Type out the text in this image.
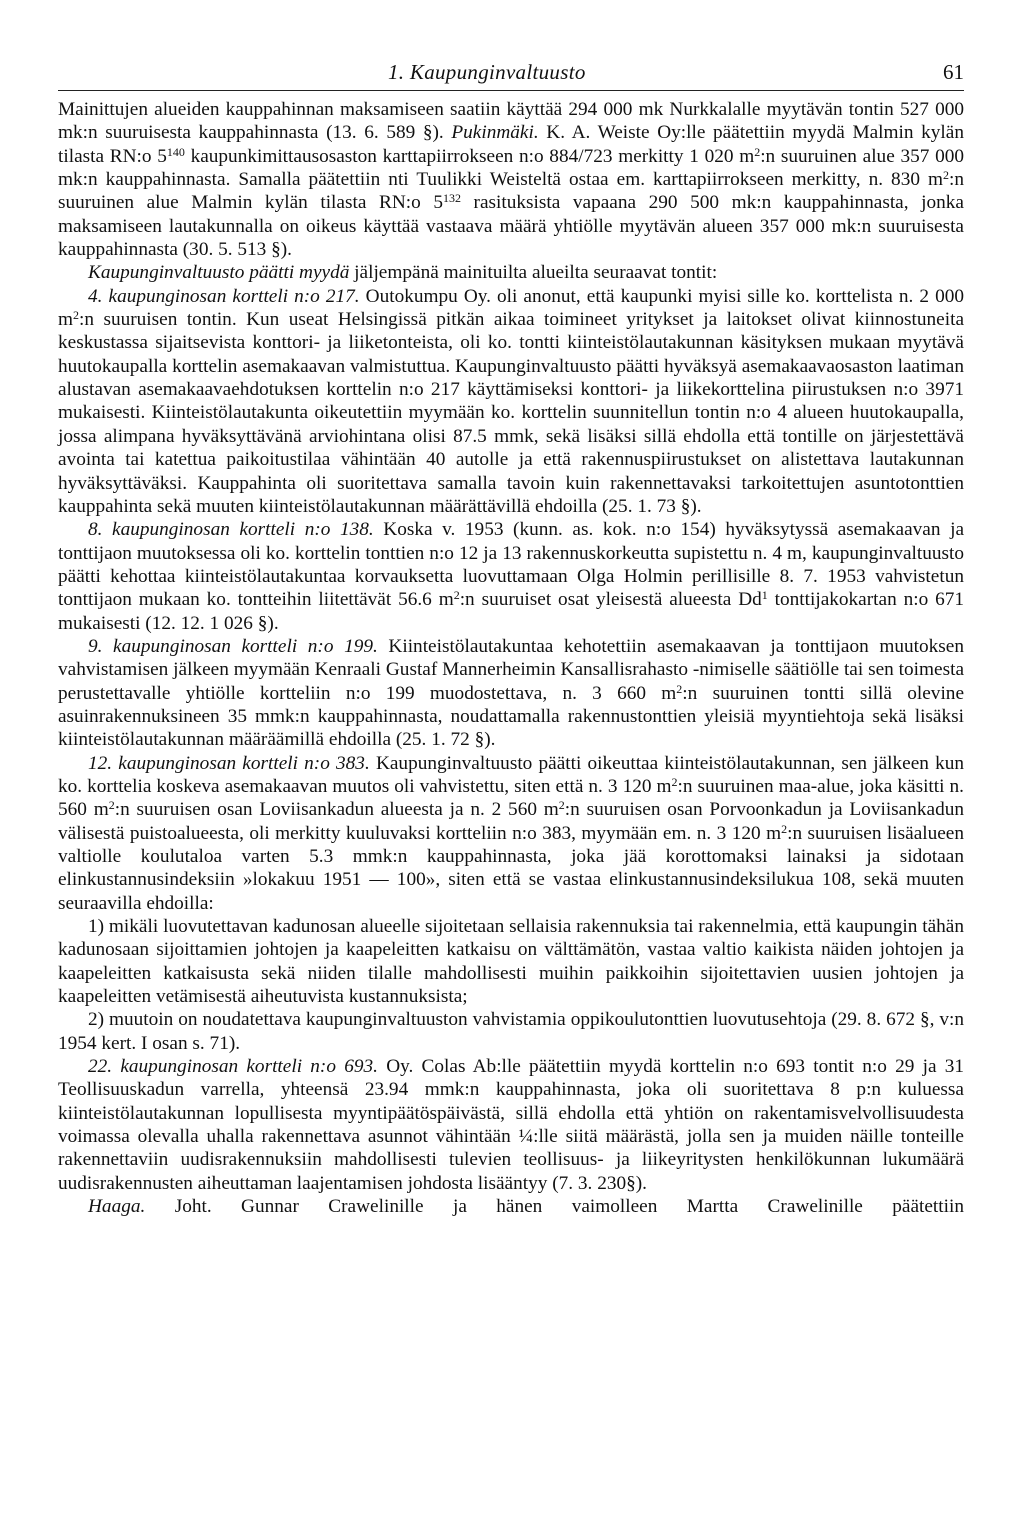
1. Kaupunginvaltuusto	61

Mainittujen alueiden kauppahinnan maksamiseen saatiin käyttää 294 000 mk Nurkkalalle myytävän tontin 527 000 mk:n suuruisesta kauppahinnasta (13. 6. 589 §). Pukinmäki. K. A. Weiste Oy:lle päätettiin myydä Malmin kylän tilasta RN:o $5^{140}$ kaupunkimittausosaston karttapiirrokseen n:o 884/723 merkitty 1 020 $m^2:n$ suuruinen alue 357 000 mk:n kauppahinnasta. Samalla päätettiin nti Tuulikki Weisteltä ostaa em. karttapiirrokseen merkitty, n. 830 $m^2:n$ suuruinen alue Malmin kylän tilasta RN:o $5^{132}$ rasituksista vapaana 290 500 mk:n kauppahinnasta, jonka maksamiseen lautakunnalla on oikeus käyttää vastaava määrä yhtiölle myytävän alueen 357 000 mk:n suuruisesta kauppahinnasta (30. 5. 513 §).

Kaupunginvaltuusto päätti myydä jäljempänä mainituilta alueilta seuraavat tontit:

4. kaupunginosan kortteli n:o 217. Outokumpu Oy. oli anonut, että kaupunki myisi sille ko. korttelista n. 2 000 $m^2:n$ suuruisen tontin. Kun useat Helsingissä pitkän aikaa toimineet yritykset ja laitokset olivat kiinnostuneita keskustassa sijaitsevista konttori- ja liiketonteista, oli ko. tontti kiinteistölautakunnan käsityksen mukaan myytävä huutokaupalla korttelin asemakaavan valmistuttua. Kaupunginvaltuusto päätti hyväksyä asemakaavaosaston laatiman alustavan asemakaavaehdotuksen korttelin n:o 217 käyttämiseksi konttori- ja liikekorttelina piirustuksen n:o 3971 mukaisesti. Kiinteistölautakunta oikeutettiin myymään ko. korttelin suunnitellun tontin n:o 4 alueen huutokaupalla, jossa alimpana hyväksyttävänä arviohintana olisi 87.5 mmk, sekä lisäksi sillä ehdolla että tontille on järjestettävä avointa tai katettua paikoitustilaa vähintään 40 autolle ja että rakennuspiirustukset on alistettava lautakunnan hyväksyttäväksi. Kauppahinta oli suoritettava samalla tavoin kuin rakennettavaksi tarkoitettujen asuntotonttien kauppahinta sekä muuten kiinteistölautakunnan määrättävillä ehdoilla (25. 1. 73 §).

8. kaupunginosan kortteli n:o 138. Koska v. 1953 (kunn. as. kok. n:o 154) hyväksytyssä asemakaavan ja tonttijaon muutoksessa oli ko. korttelin tonttien n:o 12 ja 13 rakennuskorkeutta supistettu n. 4 m, kaupunginvaltuusto päätti kehottaa kiinteistölautakuntaa korvauksetta luovuttamaan Olga Holmin perillisille 8. 7. 1953 vahvistetun tonttijaon mukaan ko. tontteihin liitettävät 56.6 $m^2:n$ suuruiset osat yleisestä alueesta Dd$^1$ tonttijakokartan n:o 671 mukaisesti (12. 12. 1 026 §).

9. kaupunginosan kortteli n:o 199. Kiinteistölautakuntaa kehotettiin asemakaavan ja tonttijaon muutoksen vahvistamisen jälkeen myymään Kenraali Gustaf Mannerheimin Kansallisrahasto -nimiselle säätiölle tai sen toimesta perustettavalle yhtiölle kortteliin n:o 199 muodostettava, n. 3 660 $m^2:n$ suuruinen tontti sillä olevine asuinrakennuksineen 35 mmk:n kauppahinnasta, noudattamalla rakennustonttien yleisiä myyntiehtoja sekä lisäksi kiinteistölautakunnan määräämillä ehdoilla (25. 1. 72 §).

12. kaupunginosan kortteli n:o 383. Kaupunginvaltuusto päätti oikeuttaa kiinteistölautakunnan, sen jälkeen kun ko. korttelia koskeva asemakaavan muutos oli vahvistettu, siten että n. 3 120 $m^2:n$ suuruinen maa-alue, joka käsitti n. 560 $m^2:n$ suuruisen osan Loviisankadun alueesta ja n. 2 560 $m^2:n$ suuruisen osan Porvoonkadun ja Loviisankadun välisestä puistoalueesta, oli merkitty kuuluvaksi kortteliin n:o 383, myymään em. n. 3 120 $m^2:n$ suuruisen lisäalueen valtiolle koulutaloa varten 5.3 mmk:n kauppahinnasta, joka jää korottomaksi lainaksi ja sidotaan elinkustannusindeksiin »lokakuu 1951 — 100», siten että se vastaa elinkustannusindeksilukua 108, sekä muuten seuraavilla ehdoilla:

1) mikäli luovutettavan kadunosan alueelle sijoitetaan sellaisia rakennuksia tai rakennelmia, että kaupungin tähän kadunosaan sijoittamien johtojen ja kaapeleitten katkaisu on välttämätön, vastaa valtio kaikista näiden johtojen ja kaapeleitten katkaisusta sekä niiden tilalle mahdollisesti muihin paikkoihin sijoitettavien uusien johtojen ja kaapeleitten vetämisestä aiheutuvista kustannuksista;

2) muutoin on noudatettava kaupunginvaltuuston vahvistamia oppikoulutonttien luovutusehtoja (29. 8. 672 §, v:n 1954 kert. I osan s. 71).

22. kaupunginosan kortteli n:o 693. Oy. Colas Ab:lle päätettiin myydä korttelin n:o 693 tontit n:o 29 ja 31 Teollisuuskadun varrella, yhteensä 23.94 mmk:n kauppahinnasta, joka oli suoritettava 8 p:n kuluessa kiinteistölautakunnan lopullisesta myyntipäätöspäivästä, sillä ehdolla että yhtiön on rakentamisvelvollisuudesta voimassa olevalla uhalla rakennettava asunnot vähintään ¼:lle siitä määrästä, jolla sen ja muiden näille tonteille rakennettaviin uudisrakennuksiin mahdollisesti tulevien teollisuus- ja liikeyritysten henkilökunnan lukumäärä uudisrakennusten aiheuttaman laajentamisen johdosta lisääntyy (7. 3. 230§).

Haaga. Joht. Gunnar Crawelinille ja hänen vaimolleen Martta Crawelinille päätettiin
